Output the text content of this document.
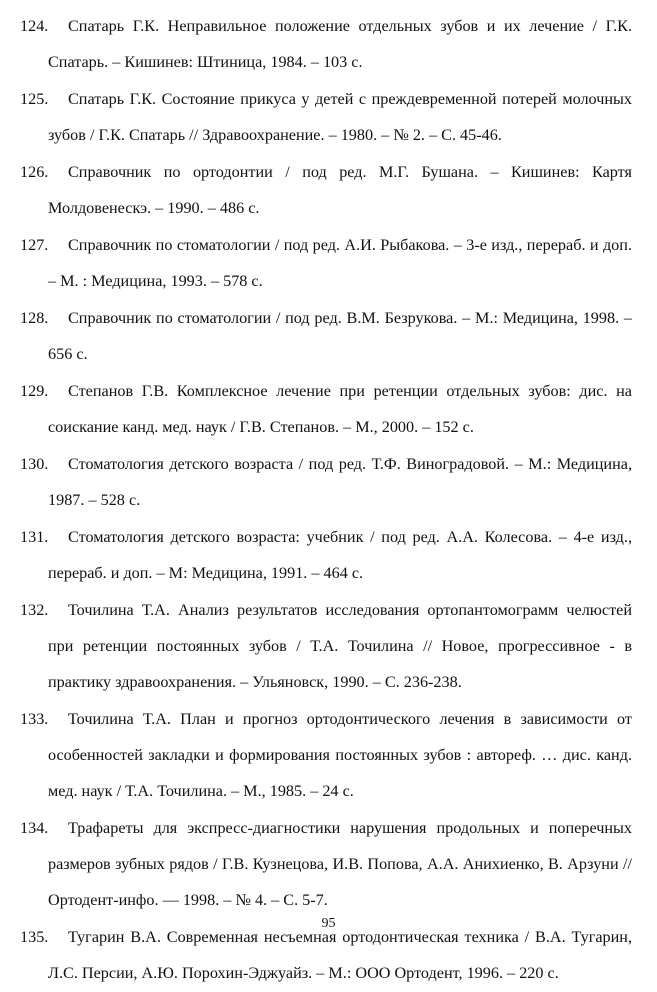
124. Спатарь Г.К. Неправильное положение отдельных зубов и их лечение / Г.К. Спатарь. – Кишинев: Штиница, 1984. – 103 с.

125. Спатарь Г.К. Состояние прикуса у детей с преждевременной потерей молочных зубов / Г.К. Спатарь // Здравоохранение. – 1980. – № 2. – С. 45-46.

126. Справочник по ортодонтии / под ред. М.Г. Бушана. – Кишинев: Картя Молдовенескэ. – 1990. – 486 с.

127. Справочник по стоматологии / под ред. А.И. Рыбакова. – 3-е изд., перераб. и доп. – М. : Медицина, 1993. – 578 с.

128. Справочник по стоматологии / под ред. В.М. Безрукова. – М.: Медицина, 1998. – 656 с.

129. Степанов Г.В. Комплексное лечение при ретенции отдельных зубов: дис. на соискание канд. мед. наук / Г.В. Степанов. – М., 2000. – 152 с.

130. Стоматология детского возраста / под ред. Т.Ф. Виноградовой. – М.: Медицина, 1987. – 528 с.

131. Стоматология детского возраста: учебник / под ред. А.А. Колесова. – 4-е изд., перераб. и доп. – М: Медицина, 1991. – 464 с.

132. Точилина Т.А. Анализ результатов исследования ортопантомограмм челюстей при ретенции постоянных зубов / Т.А. Точилина // Новое, прогрессивное - в практику здравоохранения. – Ульяновск, 1990. – С. 236-238.

133. Точилина Т.А. План и прогноз ортодонтического лечения в зависимости от особенностей закладки и формирования постоянных зубов : автореф. … дис. канд. мед. наук / Т.А. Точилина. – М., 1985. – 24 с.

134. Трафареты для экспресс-диагностики нарушения продольных и поперечных размеров зубных рядов / Г.В. Кузнецова, И.В. Попова, А.А. Анихиенко, В. Арзуни // Ортодент-инфо. — 1998. – № 4. – С. 5-7.

135. Тугарин В.А. Современная несъемная ортодонтическая техника / В.А. Тугарин, Л.С. Персии, А.Ю. Порохин-Эджуайз. – М.: ООО Ортодент, 1996. – 220 с.

95
